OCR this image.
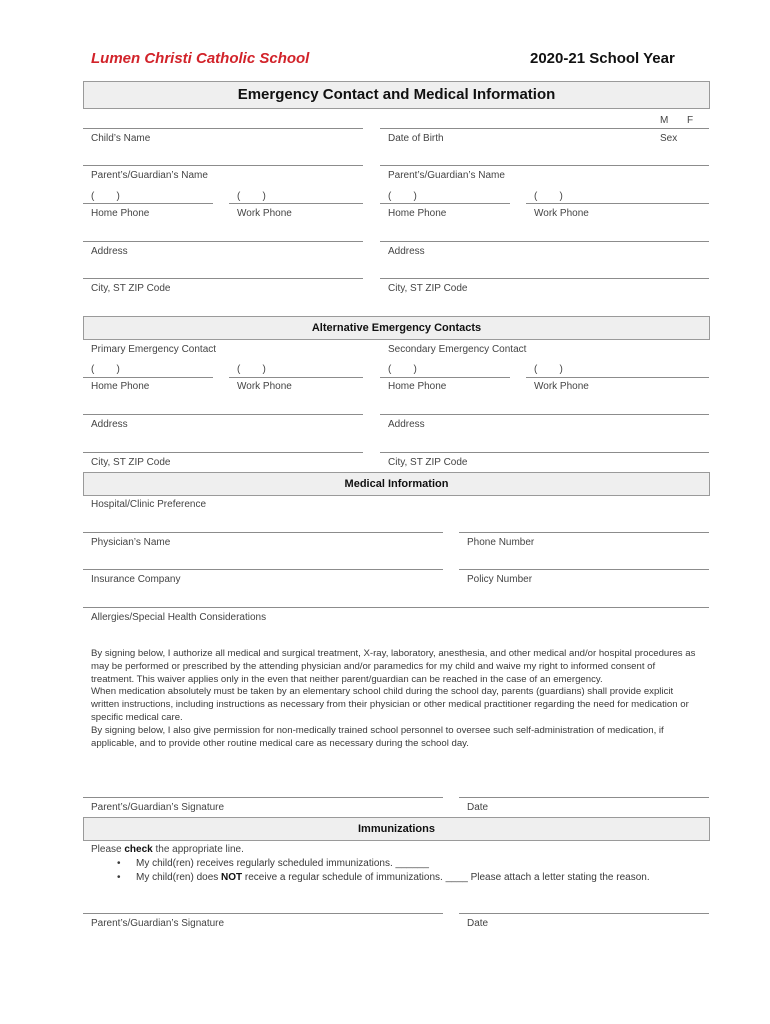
Lumen Christi Catholic School	2020-21 School Year
Emergency Contact and Medical Information
M F
Child’s Name	Date of Birth	Sex
Parent’s/Guardian’s Name	Parent’s/Guardian’s Name
(        )	(        )	(        )	(        )
Home Phone	Work Phone	Home Phone	Work Phone
Address	Address
City, ST ZIP Code	City, ST ZIP Code
Alternative Emergency Contacts
Primary Emergency Contact	Secondary Emergency Contact
(        )	(        )	(        )	(        )
Home Phone	Work Phone	Home Phone	Work Phone
Address	Address
City, ST ZIP Code	City, ST ZIP Code
Medical Information
Hospital/Clinic Preference
Physician’s Name	Phone Number
Insurance Company	Policy Number
Allergies/Special Health Considerations

By signing below, I authorize all medical and surgical treatment, X-ray, laboratory, anesthesia, and other medical and/or hospital procedures as may be performed or prescribed by the attending physician and/or paramedics for my child and waive my right to informed consent of treatment. This waiver applies only in the even that neither parent/guardian can be reached in the case of an emergency.

When medication absolutely must be taken by an elementary school child during the school day, parents (guardians) shall provide explicit written instructions, including instructions as necessary from their physician or other medical practitioner regarding the need for medication or specific medical care.

By signing below, I also give permission for non-medically trained school personnel to oversee such self-administration of medication, if applicable, and to provide other routine medical care as necessary during the school day.

Parent’s/Guardian’s Signature	Date
Immunizations
Please check the appropriate line.
• My child(ren) receives regularly scheduled immunizations. ______
• My child(ren) does NOT receive a regular schedule of immunizations. ____ Please attach a letter stating the reason.
Parent’s/Guardian’s Signature	Date
